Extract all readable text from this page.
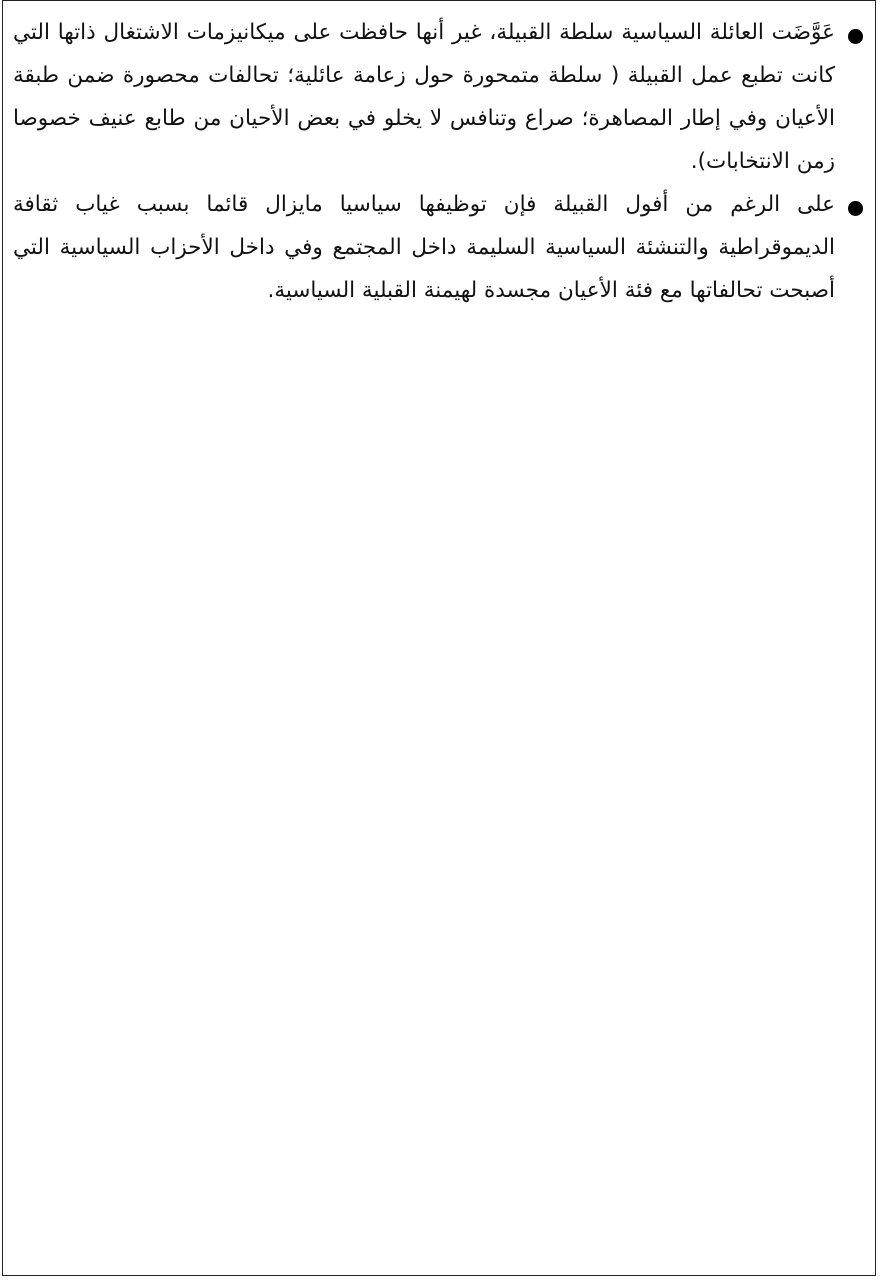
عَوَّضَت العائلة السياسية سلطة القبيلة، غير أنها حافظت على ميكانيزمات الاشتغال ذاتها التي كانت تطبع عمل القبيلة ( سلطة متمحورة حول زعامة عائلية؛ تحالفات محصورة ضمن طبقة الأعيان وفي إطار المصاهرة؛ صراع وتنافس لا يخلو في بعض الأحيان من طابع عنيف خصوصا زمن الانتخابات).
على الرغم من أفول القبيلة فإن توظيفها سياسيا مايزال قائما بسبب غياب ثقافة الديموقراطية والتنشئة السياسية السليمة داخل المجتمع وفي داخل الأحزاب السياسية التي أصبحت تحالفاتها مع فئة الأعيان مجسدة لهيمنة القبلية السياسية.
